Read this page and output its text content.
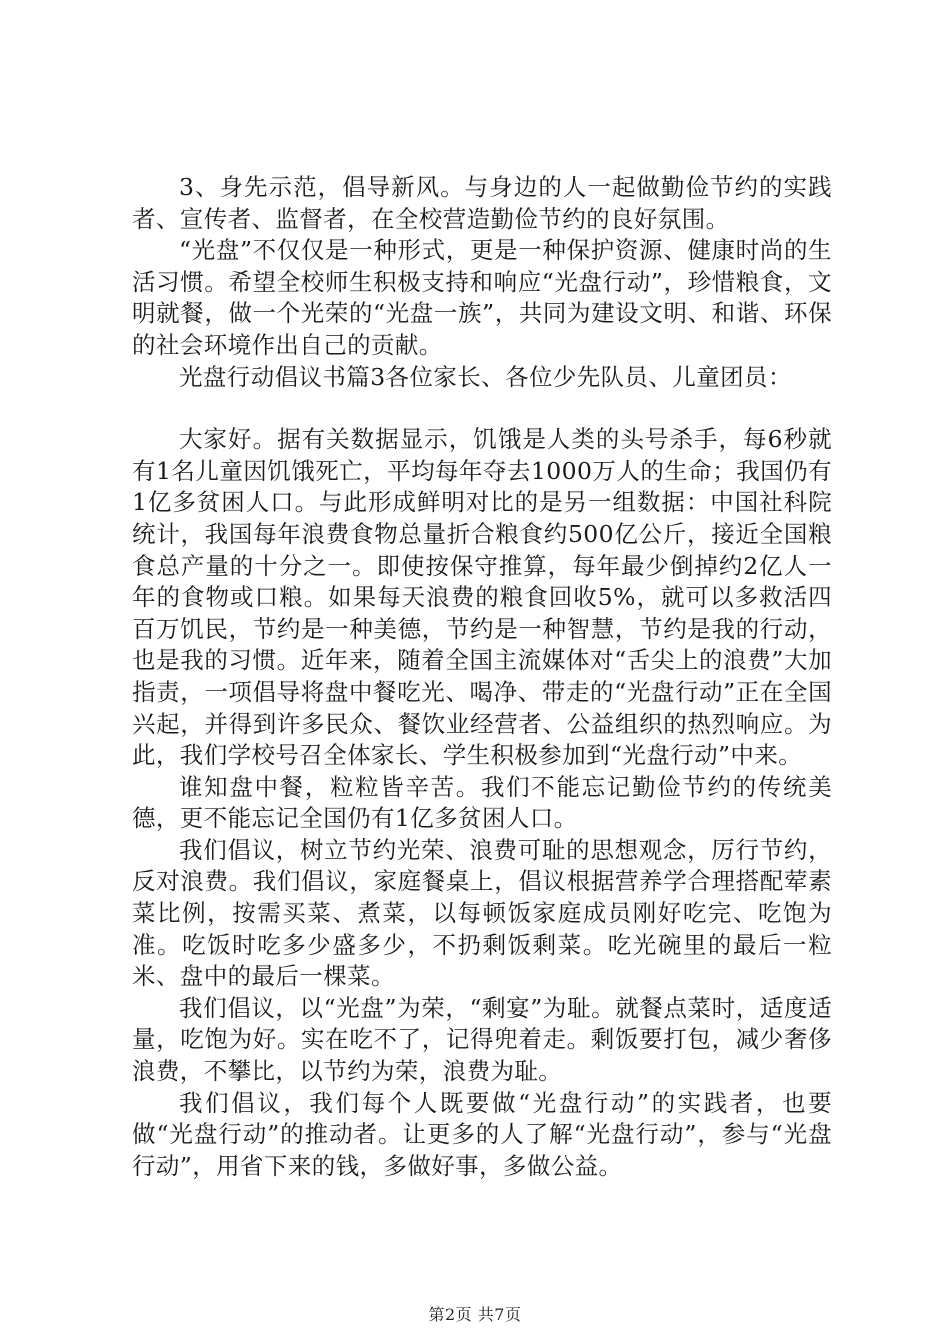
3、身先示范，倡导新风。与身边的人一起做勤俭节约的实践者、宣传者、监督者，在全校营造勤俭节约的良好氛围。

“光盘”不仅仅是一种形式，更是一种保护资源、健康时尚的生活习惯。希望全校师生积极支持和响应“光盘行动”，珍惜粮食，文明就餐，做一个光荣的“光盘一族”，共同为建设文明、和谐、环保的社会环境作出自己的贡献。

光盘行动倡议书篇3各位家长、各位少先队员、儿童团员：

大家好。据有关数据显示，饥饿是人类的头号杀手，每6秒就有1名儿童因饥饿死亡，平均每年夺去1000万人的生命；我国仍有1亿多贫困人口。与此形成鲜明对比的是另一组数据：中国社科院统计，我国每年浪费食物总量折合粮食约500亿公斤，接近全国粮食总产量的十分之一。即使按保守推算，每年最少倒掉约2亿人一年的食物或口粮。如果每天浪费的粮食回收5%，就可以多救活四百万饥民，节约是一种美德，节约是一种智慧，节约是我的行动，也是我的习惯。近年来，随着全国主流媒体对“舌尖上的浪费”大加指责，一项倡导将盘中餐吃光、喝净、带走的“光盘行动”正在全国兴起，并得到许多民众、餐饮业经营者、公益组织的热烈响应。为此，我们学校号召全体家长、学生积极参加到“光盘行动”中来。

谁知盘中餐，粒粒皆辛苦。我们不能忘记勤俭节约的传统美德，更不能忘记全国仍有1亿多贫困人口。

我们倡议，树立节约光荣、浪费可耻的思想观念，厉行节约，反对浪费。我们倡议，家庭餐桌上，倡议根据营养学合理搭配荤素菜比例，按需买菜、煮菜，以每顿饭家庭成员刚好吃完、吃饱为准。吃饭时吃多少盛多少，不扔剩饭剩菜。吃光碗里的最后一粒米、盘中的最后一棵菜。

我们倡议，以“光盘”为荣，“剩宴”为耻。就餐点菜时，适度适量，吃饱为好。实在吃不了，记得兜着走。剩饭要打包，减少奢侈浪费，不攀比，以节约为荣，浪费为耻。

我们倡议，我们每个人既要做“光盘行动”的实践者，也要做“光盘行动”的推动者。让更多的人了解“光盘行动”，参与“光盘行动”，用省下来的钱，多做好事，多做公益。

第2页 共7页
